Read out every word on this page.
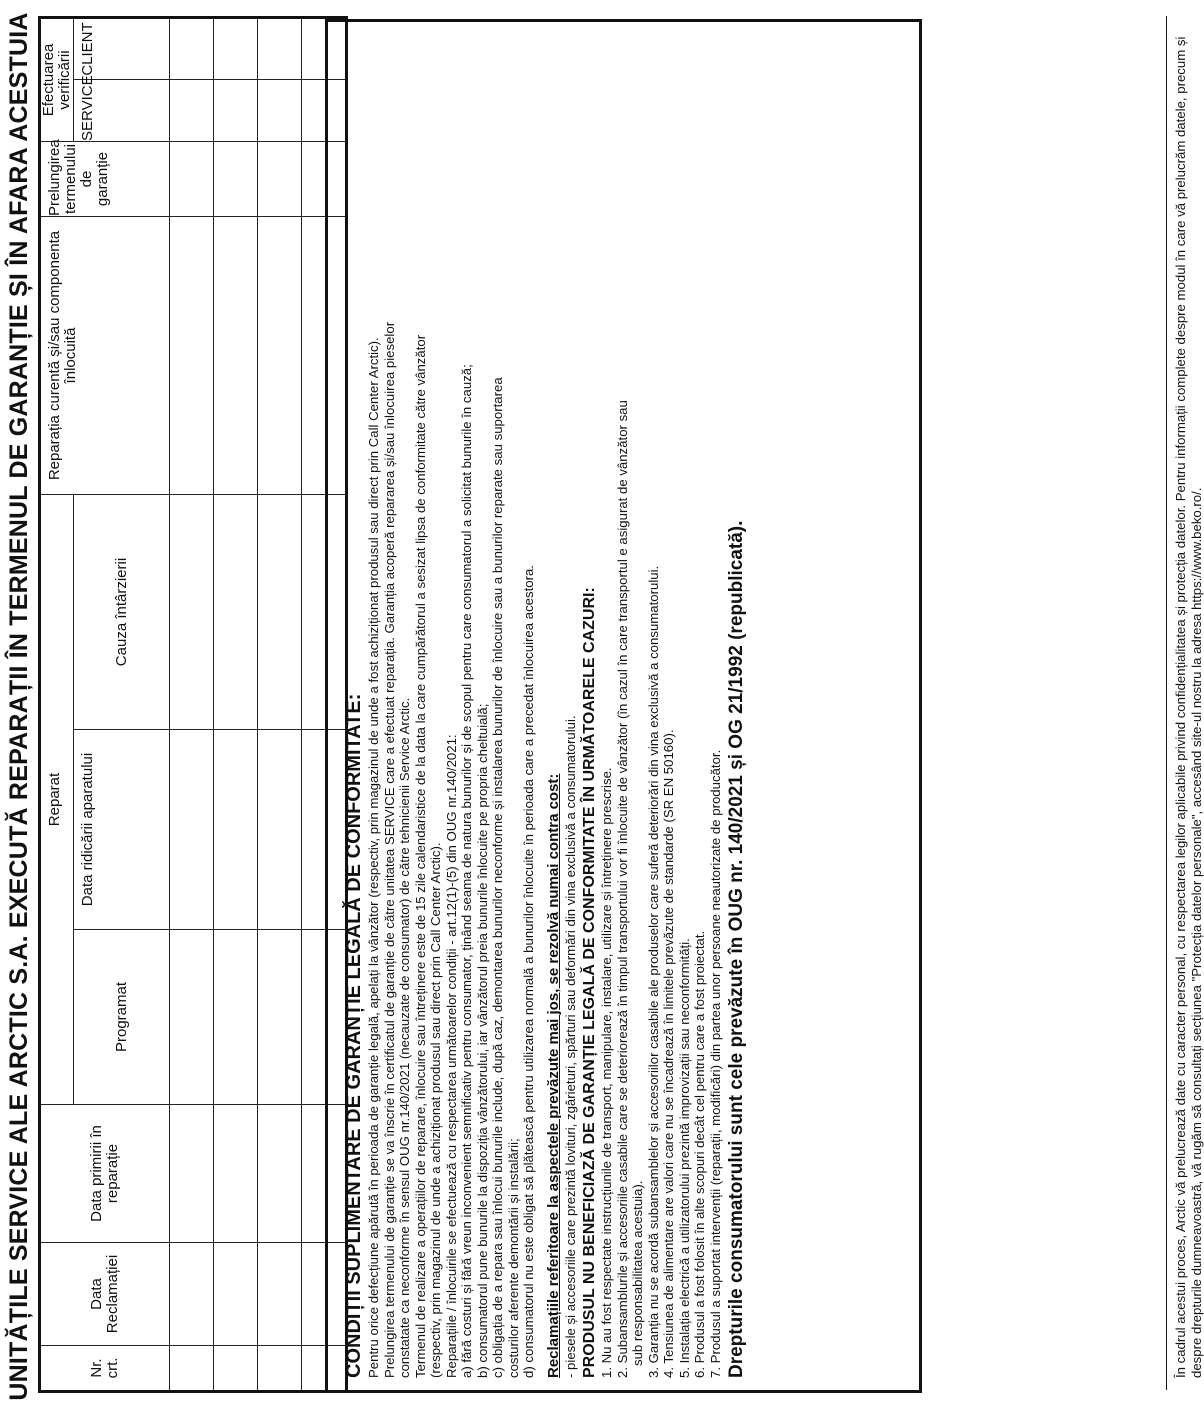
UNITĂȚILE SERVICE ALE ARCTIC S.A. EXECUTĂ REPARAȚII ÎN TERMENUL DE GARANȚIE ȘI ÎN AFARA ACESTUIA	Nr. crt.	Data Reclamației	Data primirii în reparație	Reparat			Reparația curentă și/sau componenta înlocuită	Prelungirea termenului de garanție	Efectuarea verificării	
			Programat	Data ridicării aparatului	Cauza întârzierii			SERVICE	CLIENT

CONDIȚII SUPLIMENTARE DE GARANȚIE LEGALĂ DE CONFORMITATE: Pentru orice defecțiune apărută în perioada de garanție legală, apelați la vânzător (respectiv, prin magazinul de unde a fost achiziționat produsul sau direct prin Call Center Arctic). Prelungirea termenului de garanție se va înscrie în certificatul de garanție de către unitatea SERVICE care a efectuat reparația. Garanția acoperă repararea și/sau înlocuirea pieselor constatate ca neconforme în sensul OUG nr.140/2021 (necauzate de consumator) de către tehnicienii Service Arctic. Termenul de realizare a operațiilor de reparare, înlocuire sau întreținere este de 15 zile calendaristice de la data la care cumpărătorul a sesizat lipsa de conformitate către vânzător (respectiv, prin magazinul de unde a achiziționat produsul sau direct prin Call Center Arctic). Reparațiile / înlocuirile se efectuează cu respectarea următoarelor condiții - art.12(1)-(5) din OUG nr.140/2021: a) fără costuri și fără vreun inconvenient semnificativ pentru consumator, ținând seama de natura bunurilor și de scopul pentru care consumatorul a solicitat bunurile în cauză; b) consumatorul pune bunurile la dispoziția vânzătorului, iar vânzătorul preia bunurile înlocuite pe propria cheltuială; c) obligația de a repara sau înlocui bunurile include, după caz, demontarea bunurilor neconforme și instalarea bunurilor de înlocuire sau a bunurilor reparate sau suportarea costurilor aferente demontării și instalării; d) consumatorul nu este obligat să plătească pentru utilizarea normală a bunurilor înlocuite în perioada care a precedat înlocuirea acestora. Reclamațiile referitoare la aspectele prevăzute mai jos, se rezolvă numai contra cost: - piesele și accesoriile care prezintă lovituri, zgârieturi, spărturi sau deformări din vina exclusivă a consumatorului. PRODUSUL NU BENEFICIAZĂ DE GARANȚIE LEGALĂ DE CONFORMITATE ÎN URMĂTOARELE CAZURI: 1. Nu au fost respectate instrucțiunile de transport, manipulare, instalare, utilizare și întreținere prescrise. 2. Subansamblurile și accesoriile casabile care se deteriorează în timpul transportului vor fi înlocuite de vânzător (în cazul în care transportul e asigurat de vânzător sau sub responsabilitatea acestuia). 3. Garanția nu se acordă subansamblelor și accesoriilor casabile ale produselor care suferă deteriorări din vina exclusivă a consumatorului. 4. Tensiunea de alimentare are valori care nu se încadrează în limitele prevăzute de standarde (SR EN 50160). 5. Instalația electrică a utilizatorului prezintă improvizații sau neconformități. 6. Produsul a fost folosit în alte scopuri decât cel pentru care a fost proiectat. 7. Produsul a suportat intervenții (reparații, modificări) din partea unor persoane neautorizate de producător. Drepturile consumatorului sunt cele prevăzute în OUG nr. 140/2021 și OG 21/1992 (republicată).	În cadrul acestui proces, Arctic vă prelucrează date cu caracter personal, cu respectarea legilor aplicabile privind confidențialitatea și protecția datelor. Pentru informații complete despre modul în care vă prelucrăm datele, precum și despre drepturile dumneavoastră, vă rugăm să consultați secțiunea "Protecția datelor personale", accesând site-ul nostru la adresa https://www.beko.ro/.
